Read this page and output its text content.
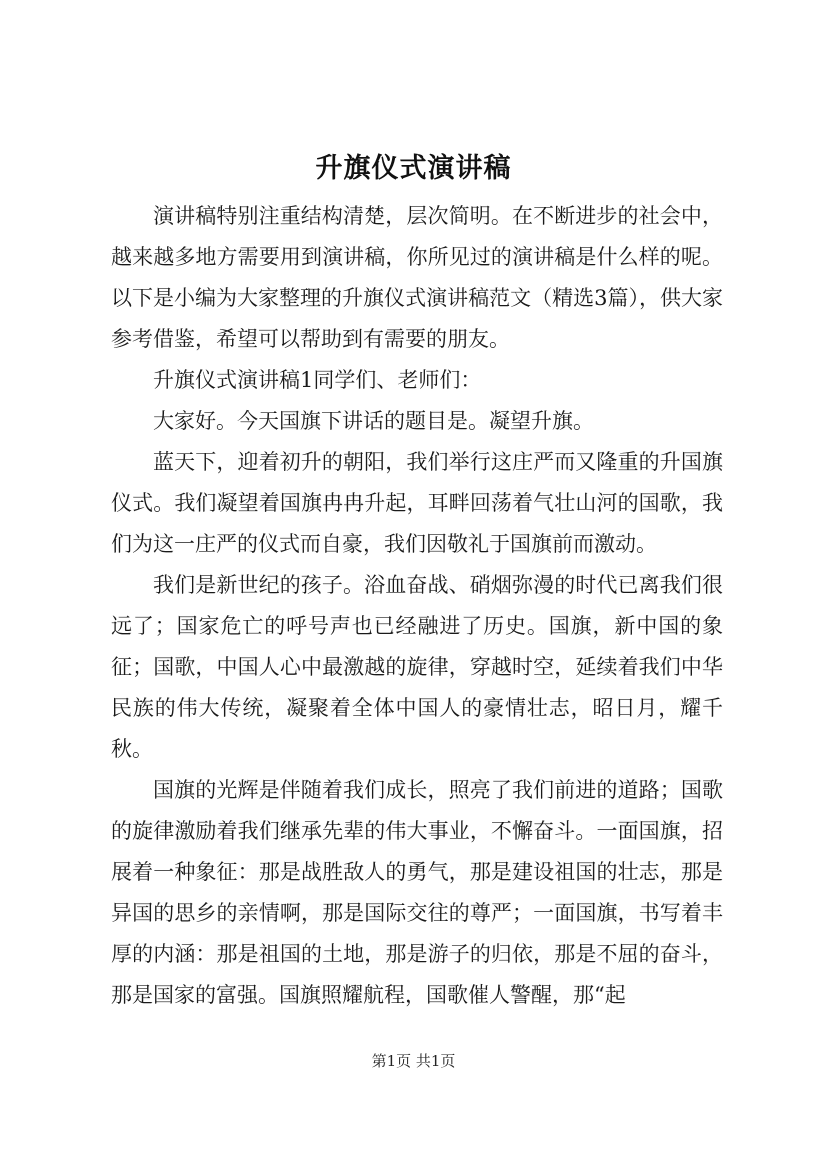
升旗仪式演讲稿

演讲稿特别注重结构清楚，层次简明。在不断进步的社会中，越来越多地方需要用到演讲稿，你所见过的演讲稿是什么样的呢。以下是小编为大家整理的升旗仪式演讲稿范文（精选3篇），供大家参考借鉴，希望可以帮助到有需要的朋友。

升旗仪式演讲稿1同学们、老师们：

大家好。今天国旗下讲话的题目是。凝望升旗。

蓝天下，迎着初升的朝阳，我们举行这庄严而又隆重的升国旗仪式。我们凝望着国旗冉冉升起，耳畔回荡着气壮山河的国歌，我们为这一庄严的仪式而自豪，我们因敬礼于国旗前而激动。

我们是新世纪的孩子。浴血奋战、硝烟弥漫的时代已离我们很远了；国家危亡的呼号声也已经融进了历史。国旗，新中国的象征；国歌，中国人心中最激越的旋律，穿越时空，延续着我们中华民族的伟大传统，凝聚着全体中国人的豪情壮志，昭日月，耀千秋。

国旗的光辉是伴随着我们成长，照亮了我们前进的道路；国歌的旋律激励着我们继承先辈的伟大事业，不懈奋斗。一面国旗，招展着一种象征：那是战胜敌人的勇气，那是建设祖国的壮志，那是异国的思乡的亲情啊，那是国际交往的尊严；一面国旗，书写着丰厚的内涵：那是祖国的土地，那是游子的归依，那是不屈的奋斗，那是国家的富强。国旗照耀航程，国歌催人警醒，那“起

第1页 共1页
